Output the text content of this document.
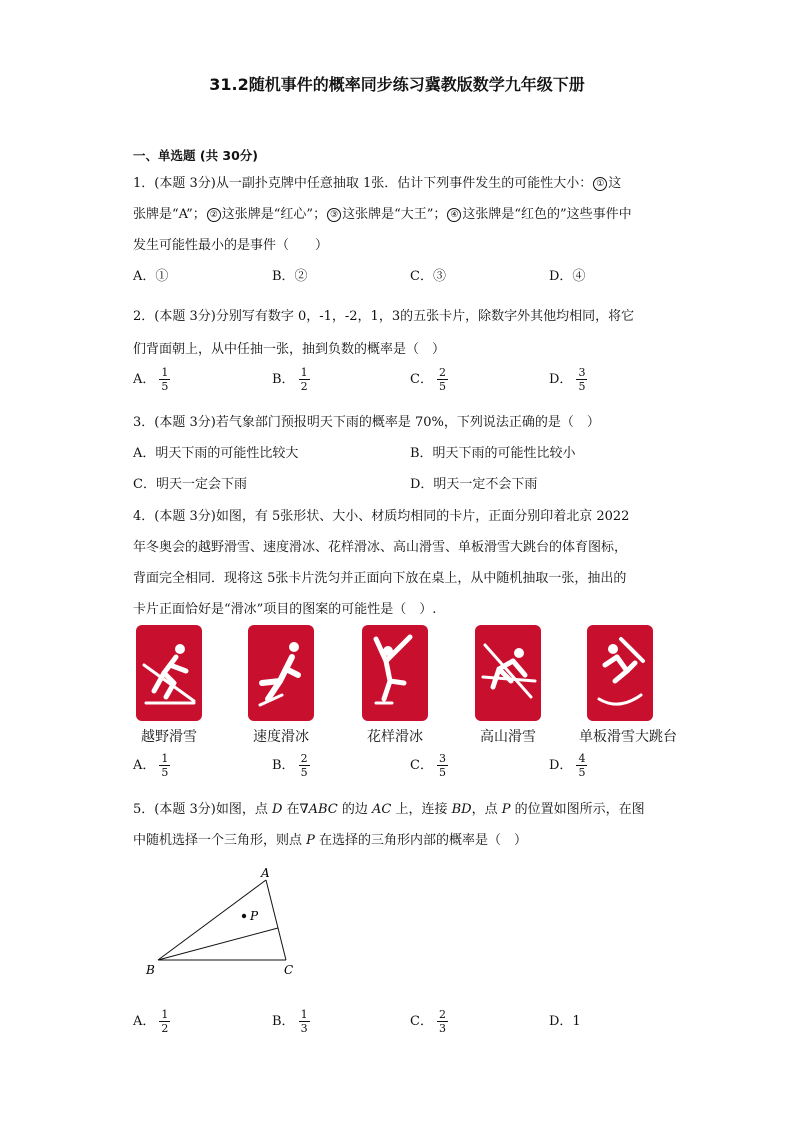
31.2随机事件的概率同步练习冀教版数学九年级下册
一、单选题 (共 30分)
1．(本题 3分)从一副扑克牌中任意抽取 1张．估计下列事件发生的可能性大小： ① 这
张牌是“A”； ② 这张牌是“红心”； ③ 这张牌是“大王”； ④ 这张牌是“红色的”这些事件中
发生可能性最小的是事件（　　）
A．①	B．②	C．③	D．④
2．(本题 3分)分别写有数字 0，-1，-2，1，3的五张卡片，除数字外其他均相同，将它
们背面朝上，从中任抽一张，抽到负数的概率是（　）
A． $\frac{1}{5}$	B． $\frac{1}{2}$	C． $\frac{2}{5}$	D． $\frac{3}{5}$
3．(本题 3分)若气象部门预报明天下雨的概率是 70%，下列说法正确的是（　）
A．明天下雨的可能性比较大	B．明天下雨的可能性比较小
C．明天一定会下雨	D．明天一定不会下雨
4．(本题 3分)如图，有 5张形状、大小、材质均相同的卡片，正面分别印着北京 2022
年冬奥会的越野滑雪、速度滑冰、花样滑冰、高山滑雪、单板滑雪大跳台的体育图标，
背面完全相同．现将这 5张卡片洗匀并正面向下放在桌上，从中随机抽取一张，抽出的
卡片正面恰好是“滑冰”项目的图案的可能性是（　）.
越野滑雪	速度滑冰	花样滑冰	高山滑雪	单板滑雪大跳台
A． $\frac{1}{5}$	B． $\frac{2}{5}$	C． $\frac{3}{5}$	D． $\frac{4}{5}$
5．(本题 3分)如图，点 D 在∇ABC 的边 AC 上，连接 BD，点 P 的位置如图所示，在图
中随机选择一个三角形，则点 P 在选择的三角形内部的概率是（　）
A
B	C
P
A． $\frac{1}{2}$	B． $\frac{1}{3}$	C． $\frac{2}{3}$	D．1
